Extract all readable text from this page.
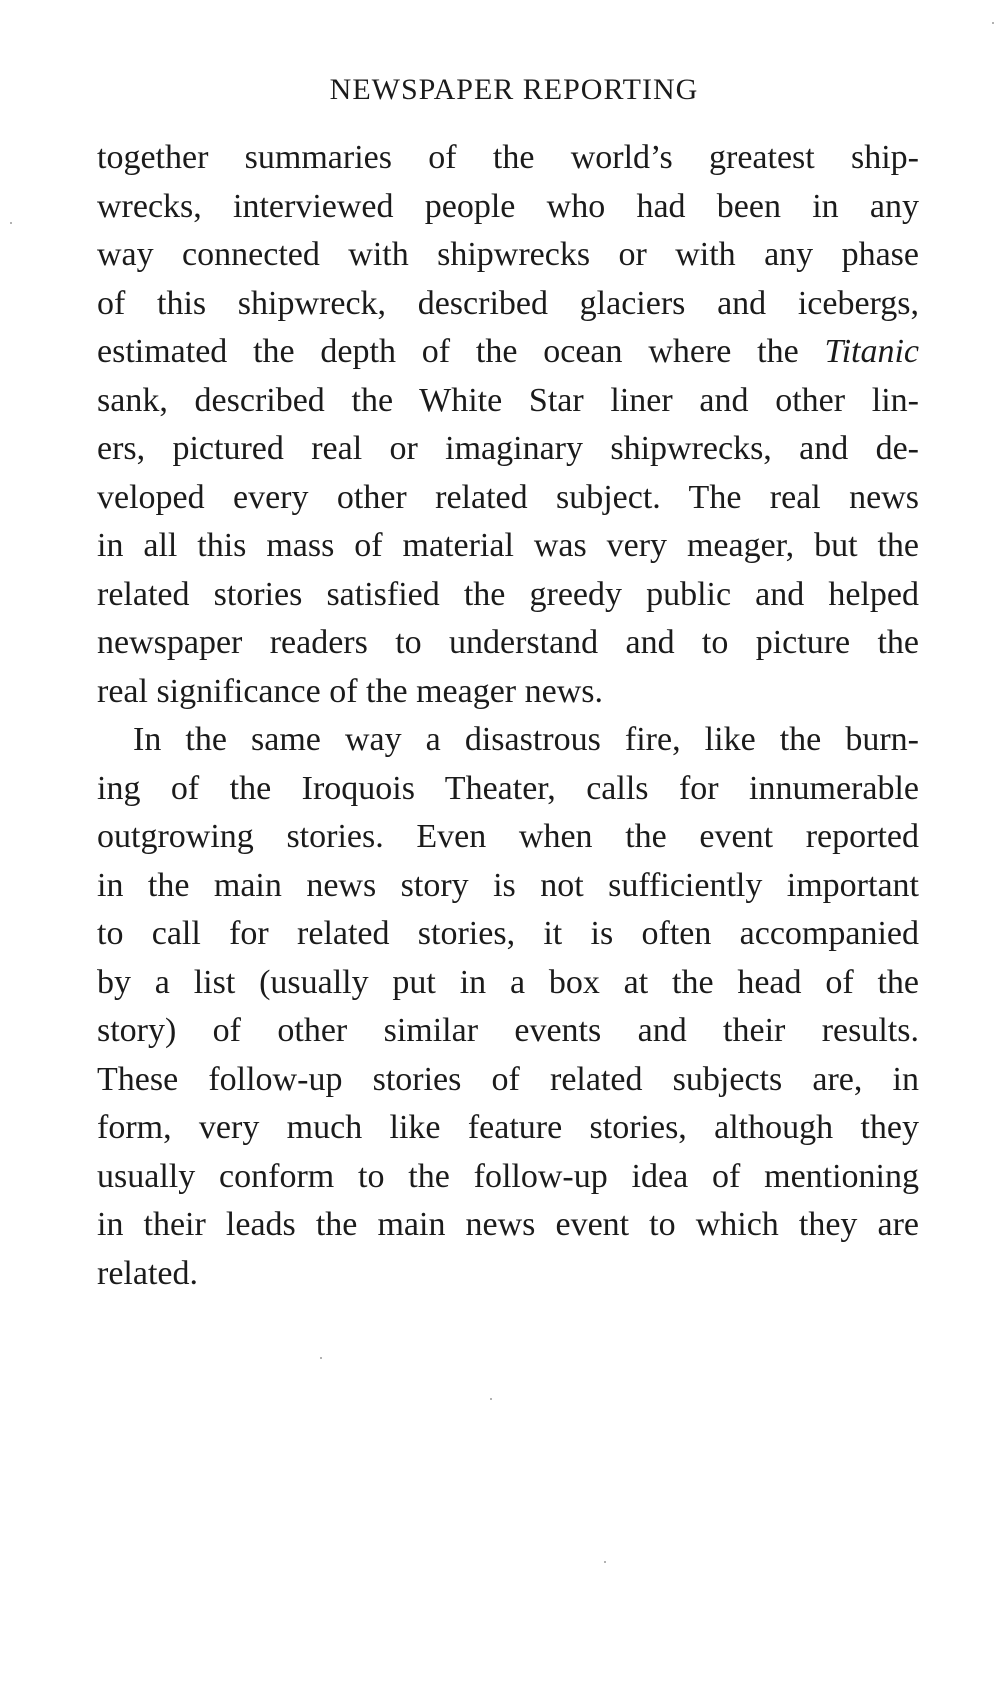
NEWSPAPER REPORTING
together summaries of the world’s greatest ship-
wrecks, interviewed people who had been in any
way connected with shipwrecks or with any phase
of this shipwreck, described glaciers and icebergs,
estimated the depth of the ocean where the Titanic
sank, described the White Star liner and other lin-
ers, pictured real or imaginary shipwrecks, and de-
veloped every other related subject. The real news
in all this mass of material was very meager, but the
related stories satisfied the greedy public and helped
newspaper readers to understand and to picture the
real significance of the meager news.
In the same way a disastrous fire, like the burn-
ing of the Iroquois Theater, calls for innumerable
outgrowing stories. Even when the event reported
in the main news story is not sufficiently important
to call for related stories, it is often accompanied
by a list (usually put in a box at the head of the
story) of other similar events and their results.
These follow-up stories of related subjects are, in
form, very much like feature stories, although they
usually conform to the follow-up idea of mentioning
in their leads the main news event to which they are
related.
